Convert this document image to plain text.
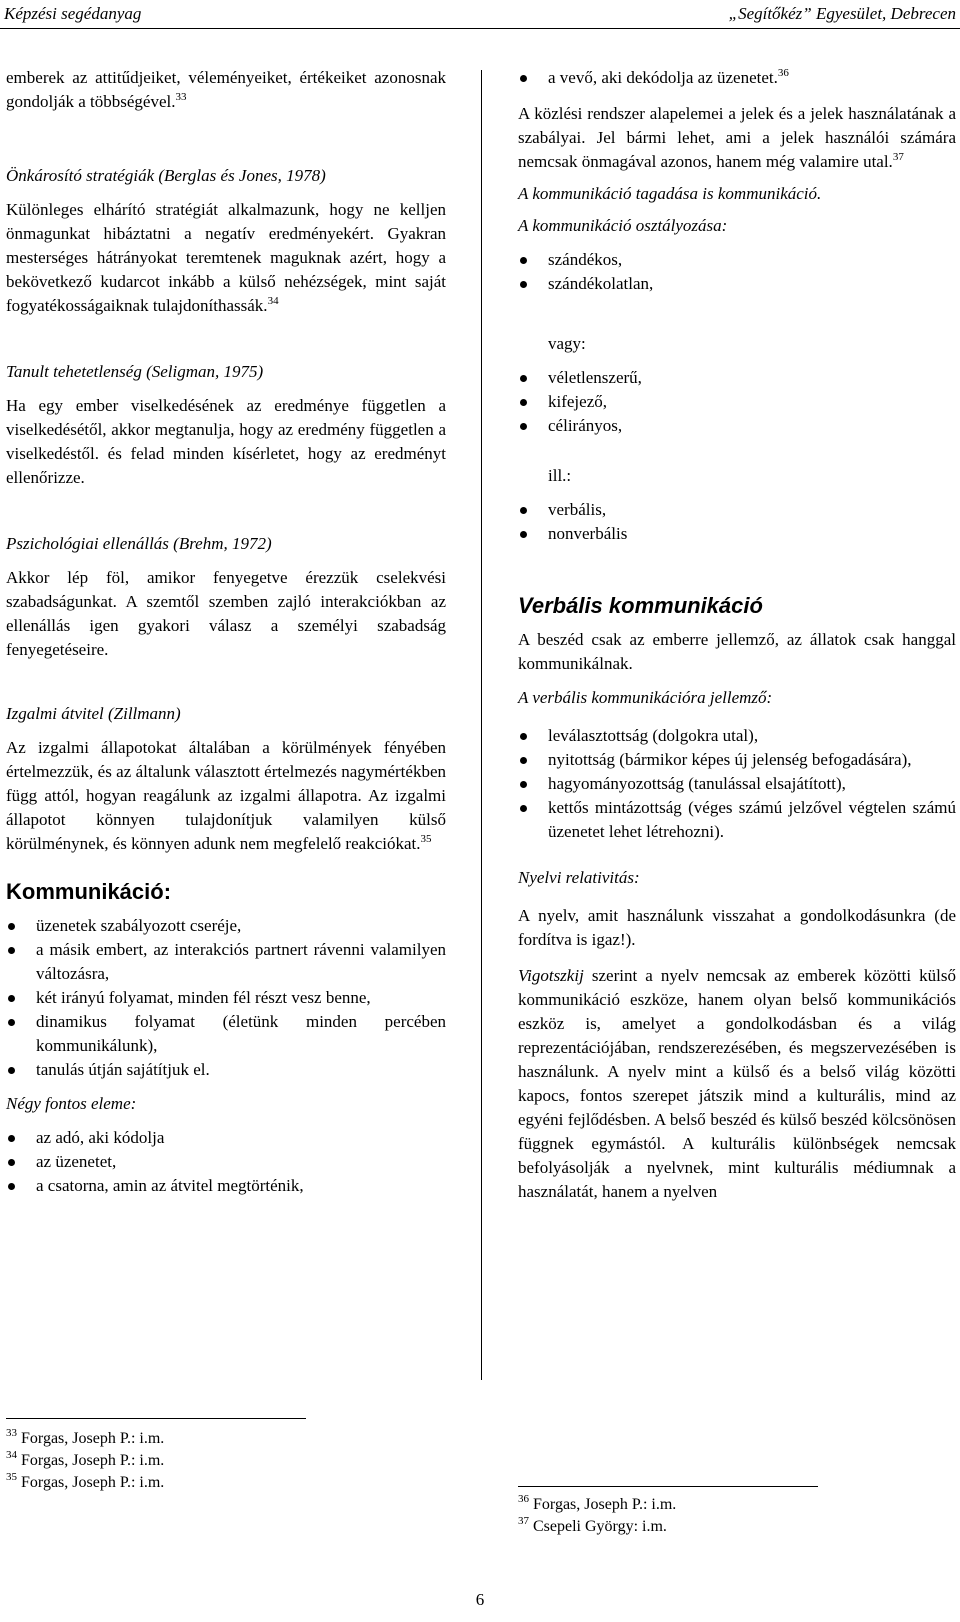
Képzési segédanyag	„Segítőkéz” Egyesület, Debrecen

emberek az attitűdjeiket, véleményeiket, értékeiket azonosnak gondolják a többségével.$^{33}$

Önkárosító stratégiák (Berglas és Jones, 1978)

Különleges elhárító stratégiát alkalmazunk, hogy ne kelljen önmagunkat hibáztatni a negatív eredményekért. Gyakran mesterséges hátrányokat teremtenek maguknak azért, hogy a bekövetkező kudarcot inkább a külső nehézségek, mint saját fogyatékosságaiknak tulajdoníthassák.$^{34}$

Tanult tehetetlenség (Seligman, 1975)

Ha egy ember viselkedésének az eredménye független a viselkedésétől, akkor megtanulja, hogy az eredmény független a viselkedéstől. és felad minden kísérletet, hogy az eredményt ellenőrizze.

Pszichológiai ellenállás (Brehm, 1972)

Akkor lép föl, amikor fenyegetve érezzük cselekvési szabadságunkat. A szemtől szemben zajló interakciókban az ellenállás igen gyakori válasz a személyi szabadság fenyegetéseire.

Izgalmi átvitel (Zillmann)

Az izgalmi állapotokat általában a körülmények fényében értelmezzük, és az általunk választott értelmezés nagymértékben függ attól, hogyan reagálunk az izgalmi állapotra. Az izgalmi állapotot könnyen tulajdonítjuk valamilyen külső körülménynek, és könnyen adunk nem megfelelő reakciókat.$^{35}$

Kommunikáció:

üzenetek szabályozott cseréje,
a másik embert, az interakciós partnert rávenni valamilyen változásra,
két irányú folyamat, minden fél részt vesz benne,
dinamikus folyamat (életünk minden percében kommunikálunk),
tanulás útján sajátítjuk el.

Négy fontos eleme:

az adó, aki kódolja
az üzenetet,
a csatorna, amin az átvitel megtörténik,
a vevő, aki dekódolja az üzenetet.$^{36}$

A közlési rendszer alapelemei a jelek és a jelek használatának a szabályai. Jel bármi lehet, ami a jelek használói számára nemcsak önmagával azonos, hanem még valamire utal.$^{37}$

A kommunikáció tagadása is kommunikáció.

A kommunikáció osztályozása:

szándékos,
szándékolatlan,

vagy:

véletlenszerű,
kifejező,
célirányos,

ill.:

verbális,
nonverbális

Verbális kommunikáció

A beszéd csak az emberre jellemző, az állatok csak hanggal kommunikálnak.

A verbális kommunikációra jellemző:

leválasztottság (dolgokra utal),
nyitottság (bármikor képes új jelenség befogadására),
hagyományozottság (tanulással elsajátított),
kettős mintázottság (véges számú jelzővel végtelen számú üzenetet lehet létrehozni).

Nyelvi relativitás:

A nyelv, amit használunk visszahat a gondolkodásunkra (de fordítva is igaz!).

Vigotszkij szerint a nyelv nemcsak az emberek közötti külső kommunikáció eszköze, hanem olyan belső kommunikációs eszköz is, amelyet a gondolkodásban és a világ reprezentációjában, rendszerezésében, és megszervezésében is használunk. A nyelv mint a külső és a belső világ közötti kapocs, fontos szerepet játszik mind a kulturális, mind az egyéni fejlődésben. A belső beszéd és külső beszéd kölcsönösen függnek egymástól. A kulturális különbségek nemcsak befolyásolják a nyelvnek, mint kulturális médiumnak a használatát, hanem a nyelven

$^{33}$ Forgas, Joseph P.: i.m.
$^{34}$ Forgas, Joseph P.: i.m.
$^{35}$ Forgas, Joseph P.: i.m.
$^{36}$ Forgas, Joseph P.: i.m.
$^{37}$ Csepeli György: i.m.
6
